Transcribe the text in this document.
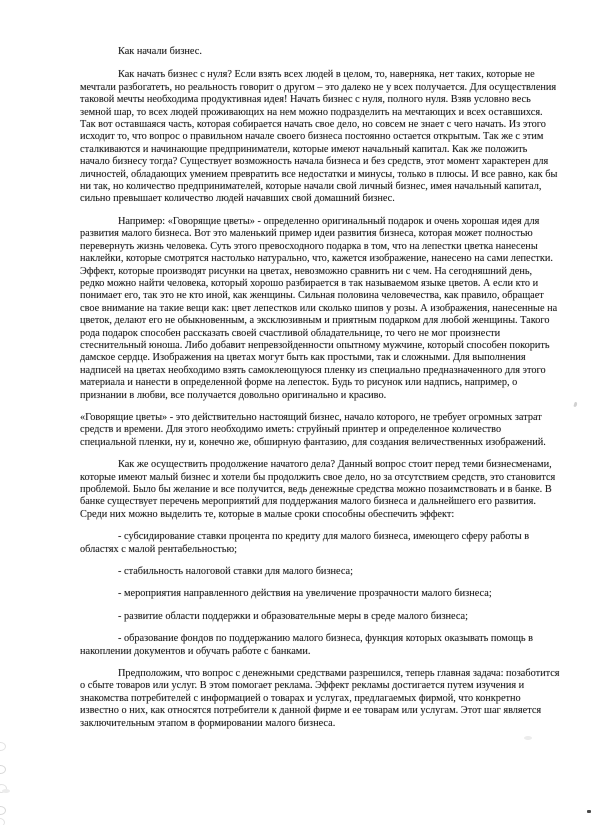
Как начали бизнес.

Как начать бизнес с нуля? Если взять всех людей в целом, то, наверняка, нет таких, которые не
мечтали разбогатеть, но реальность говорит о другом – это далеко не у всех получается. Для осуществления
таковой мечты необходима продуктивная идея! Начать бизнес с нуля, полного нуля. Взяв условно весь
земной шар, то всех людей проживающих на нем можно подразделить на мечтающих и всех оставшихся.
Так вот оставшаяся часть, которая собирается начать свое дело, но совсем не знает с чего начать. Из этого
исходит то, что вопрос о правильном начале своего бизнеса постоянно остается открытым. Так же с этим
сталкиваются и начинающие предприниматели, которые имеют начальный капитал. Как же положить
начало бизнесу тогда? Существует возможность начала бизнеса и без средств, этот момент характерен для
личностей, обладающих умением превратить все недостатки и минусы, только в плюсы. И все равно, как бы
ни так, но количество предпринимателей, которые начали свой личный бизнес, имея начальный капитал,
сильно превышает количество людей начавших свой домашний бизнес.

Например: «Говорящие цветы» - определенно оригинальный подарок и очень хорошая идея для
развития малого бизнеса. Вот это маленький пример идеи развития бизнеса, которая может полностью
перевернуть жизнь человека. Суть этого превосходного подарка в том, что на лепестки цветка нанесены
наклейки, которые смотрятся настолько натурально, что, кажется изображение, нанесено на сами лепестки.
Эффект, которые производят рисунки на цветах, невозможно сравнить ни с чем. На сегодняшний день,
редко можно найти человека, который хорошо разбирается в так называемом языке цветов. А если кто и
понимает его, так это не кто иной, как женщины. Сильная половина человечества, как правило, обращает
свое внимание на такие вещи как: цвет лепестков или сколько шипов у розы. А изображения, нанесенные на
цветок, делают его не обыкновенным, а эксклюзивным и приятным подарком для любой женщины. Такого
рода подарок способен рассказать своей счастливой обладательнице, то чего не мог произнести
стеснительный юноша. Либо добавит непревзойденности опытному мужчине, который способен покорить
дамское сердце. Изображения на цветах могут быть как простыми, так и сложными. Для выполнения
надписей на цветах необходимо взять самоклеющуюся пленку из специально предназначенного для этого
материала и нанести в определенной форме на лепесток. Будь то рисунок или надпись, например, о
признании в любви, все получается довольно оригинально и красиво.

«Говорящие цветы» - это действительно настоящий бизнес, начало которого, не требует огромных затрат
средств и времени. Для этого необходимо иметь: струйный принтер и определенное количество
специальной пленки, ну и, конечно же, обширную фантазию, для создания величественных изображений.

Как же осуществить продолжение начатого дела? Данный вопрос стоит перед теми бизнесменами,
которые имеют малый бизнес и хотели бы продолжить свое дело, но за отсутствием средств, это становится
проблемой. Было бы желание и все получится, ведь денежные средства можно позаимствовать и в банке. В
банке существует перечень мероприятий для поддержания малого бизнеса и дальнейшего его развития.
Среди них можно выделить те, которые в малые сроки способны обеспечить эффект:

- субсидирование ставки процента по кредиту для малого бизнеса, имеющего сферу работы в
областях с малой рентабельностью;

- стабильность налоговой ставки для малого бизнеса;

- мероприятия направленного действия на увеличение прозрачности малого бизнеса;

- развитие области поддержки и образовательные меры в среде малого бизнеса;

- образование фондов по поддержанию малого бизнеса, функция которых оказывать помощь в
накоплении документов и обучать работе с банками.

Предположим, что вопрос с денежными средствами разрешился, теперь главная задача: позаботится
о сбыте товаров или услуг. В этом помогает реклама. Эффект рекламы достигается путем изучения и
знакомства потребителей с информацией о товарах и услугах, предлагаемых фирмой, что конкретно
известно о них, как относятся потребители к данной фирме и ее товарам или услугам. Этот шаг является
заключительным этапом в формировании малого бизнеса.
